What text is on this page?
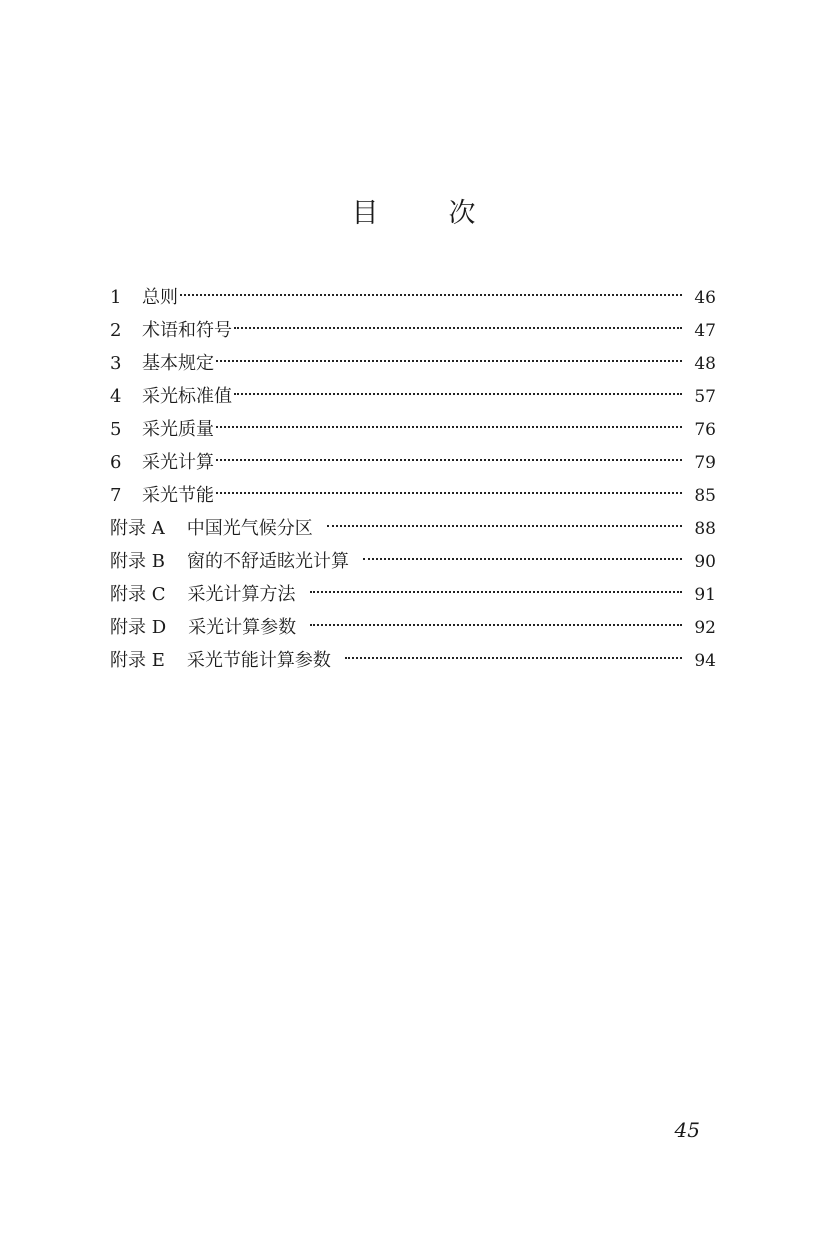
目	次
1	总则	46
2	术语和符号	47
3	基本规定	48
4	采光标准值	57
5	采光质量	76
6	采光计算	79
7	采光节能	85
附录 A 中国光气候分区	88
附录 B 窗的不舒适眩光计算	90
附录 C 采光计算方法	91
附录 D 采光计算参数	92
附录 E 采光节能计算参数	94
45
